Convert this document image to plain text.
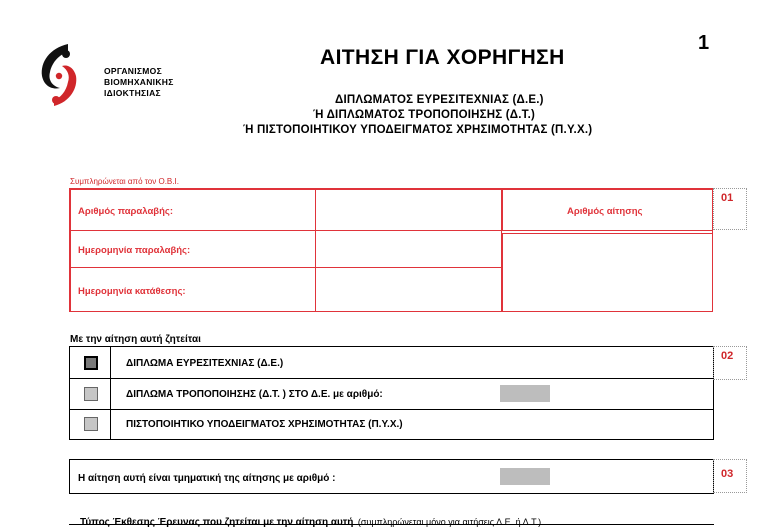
1
ΟΡΓΑΝΙΣΜΟΣ
ΒΙΟΜΗΧΑΝΙΚΗΣ
ΙΔΙΟΚΤΗΣΙΑΣ
ΑΙΤΗΣΗ ΓΙΑ ΧΟΡΗΓΗΣΗ
ΔΙΠΛΩΜΑΤΟΣ ΕΥΡΕΣΙΤΕΧΝΙΑΣ (Δ.Ε.)
Ή ΔΙΠΛΩΜΑΤΟΣ ΤΡΟΠΟΠΟΙΗΣΗΣ (Δ.Τ.)
Ή ΠΙΣΤΟΠΟΙΗΤΙΚΟΥ ΥΠΟΔΕΙΓΜΑΤΟΣ ΧΡΗΣΙΜΟΤΗΤΑΣ (Π.Υ.Χ.)
Συμπληρώνεται από τον Ο.Β.Ι.
Αριθμός παραλαβής:
Ημερομηνία παραλαβής:
Ημερομηνία κατάθεσης:
Αριθμός αίτησης
01
Με την αίτηση αυτή ζητείται
ΔΙΠΛΩΜΑ ΕΥΡΕΣΙΤΕΧΝΙΑΣ (Δ.Ε.)
ΔΙΠΛΩΜΑ ΤΡΟΠΟΠΟΙΗΣΗΣ (Δ.Τ. ) ΣΤΟ Δ.Ε. με αριθμό:
ΠΙΣΤΟΠΟΙΗΤΙΚΟ ΥΠΟΔΕΙΓΜΑΤΟΣ ΧΡΗΣΙΜΟΤΗΤΑΣ (Π.Υ.Χ.)
02
Η αίτηση αυτή είναι τμηματική της αίτησης με αριθμό :	03
Τύπος Έκθεσης Έρευνας που ζητείται με την αίτηση αυτή (συμπληρώνεται μόνο για αιτήσεις Δ.Ε. ή Δ.Τ.)
